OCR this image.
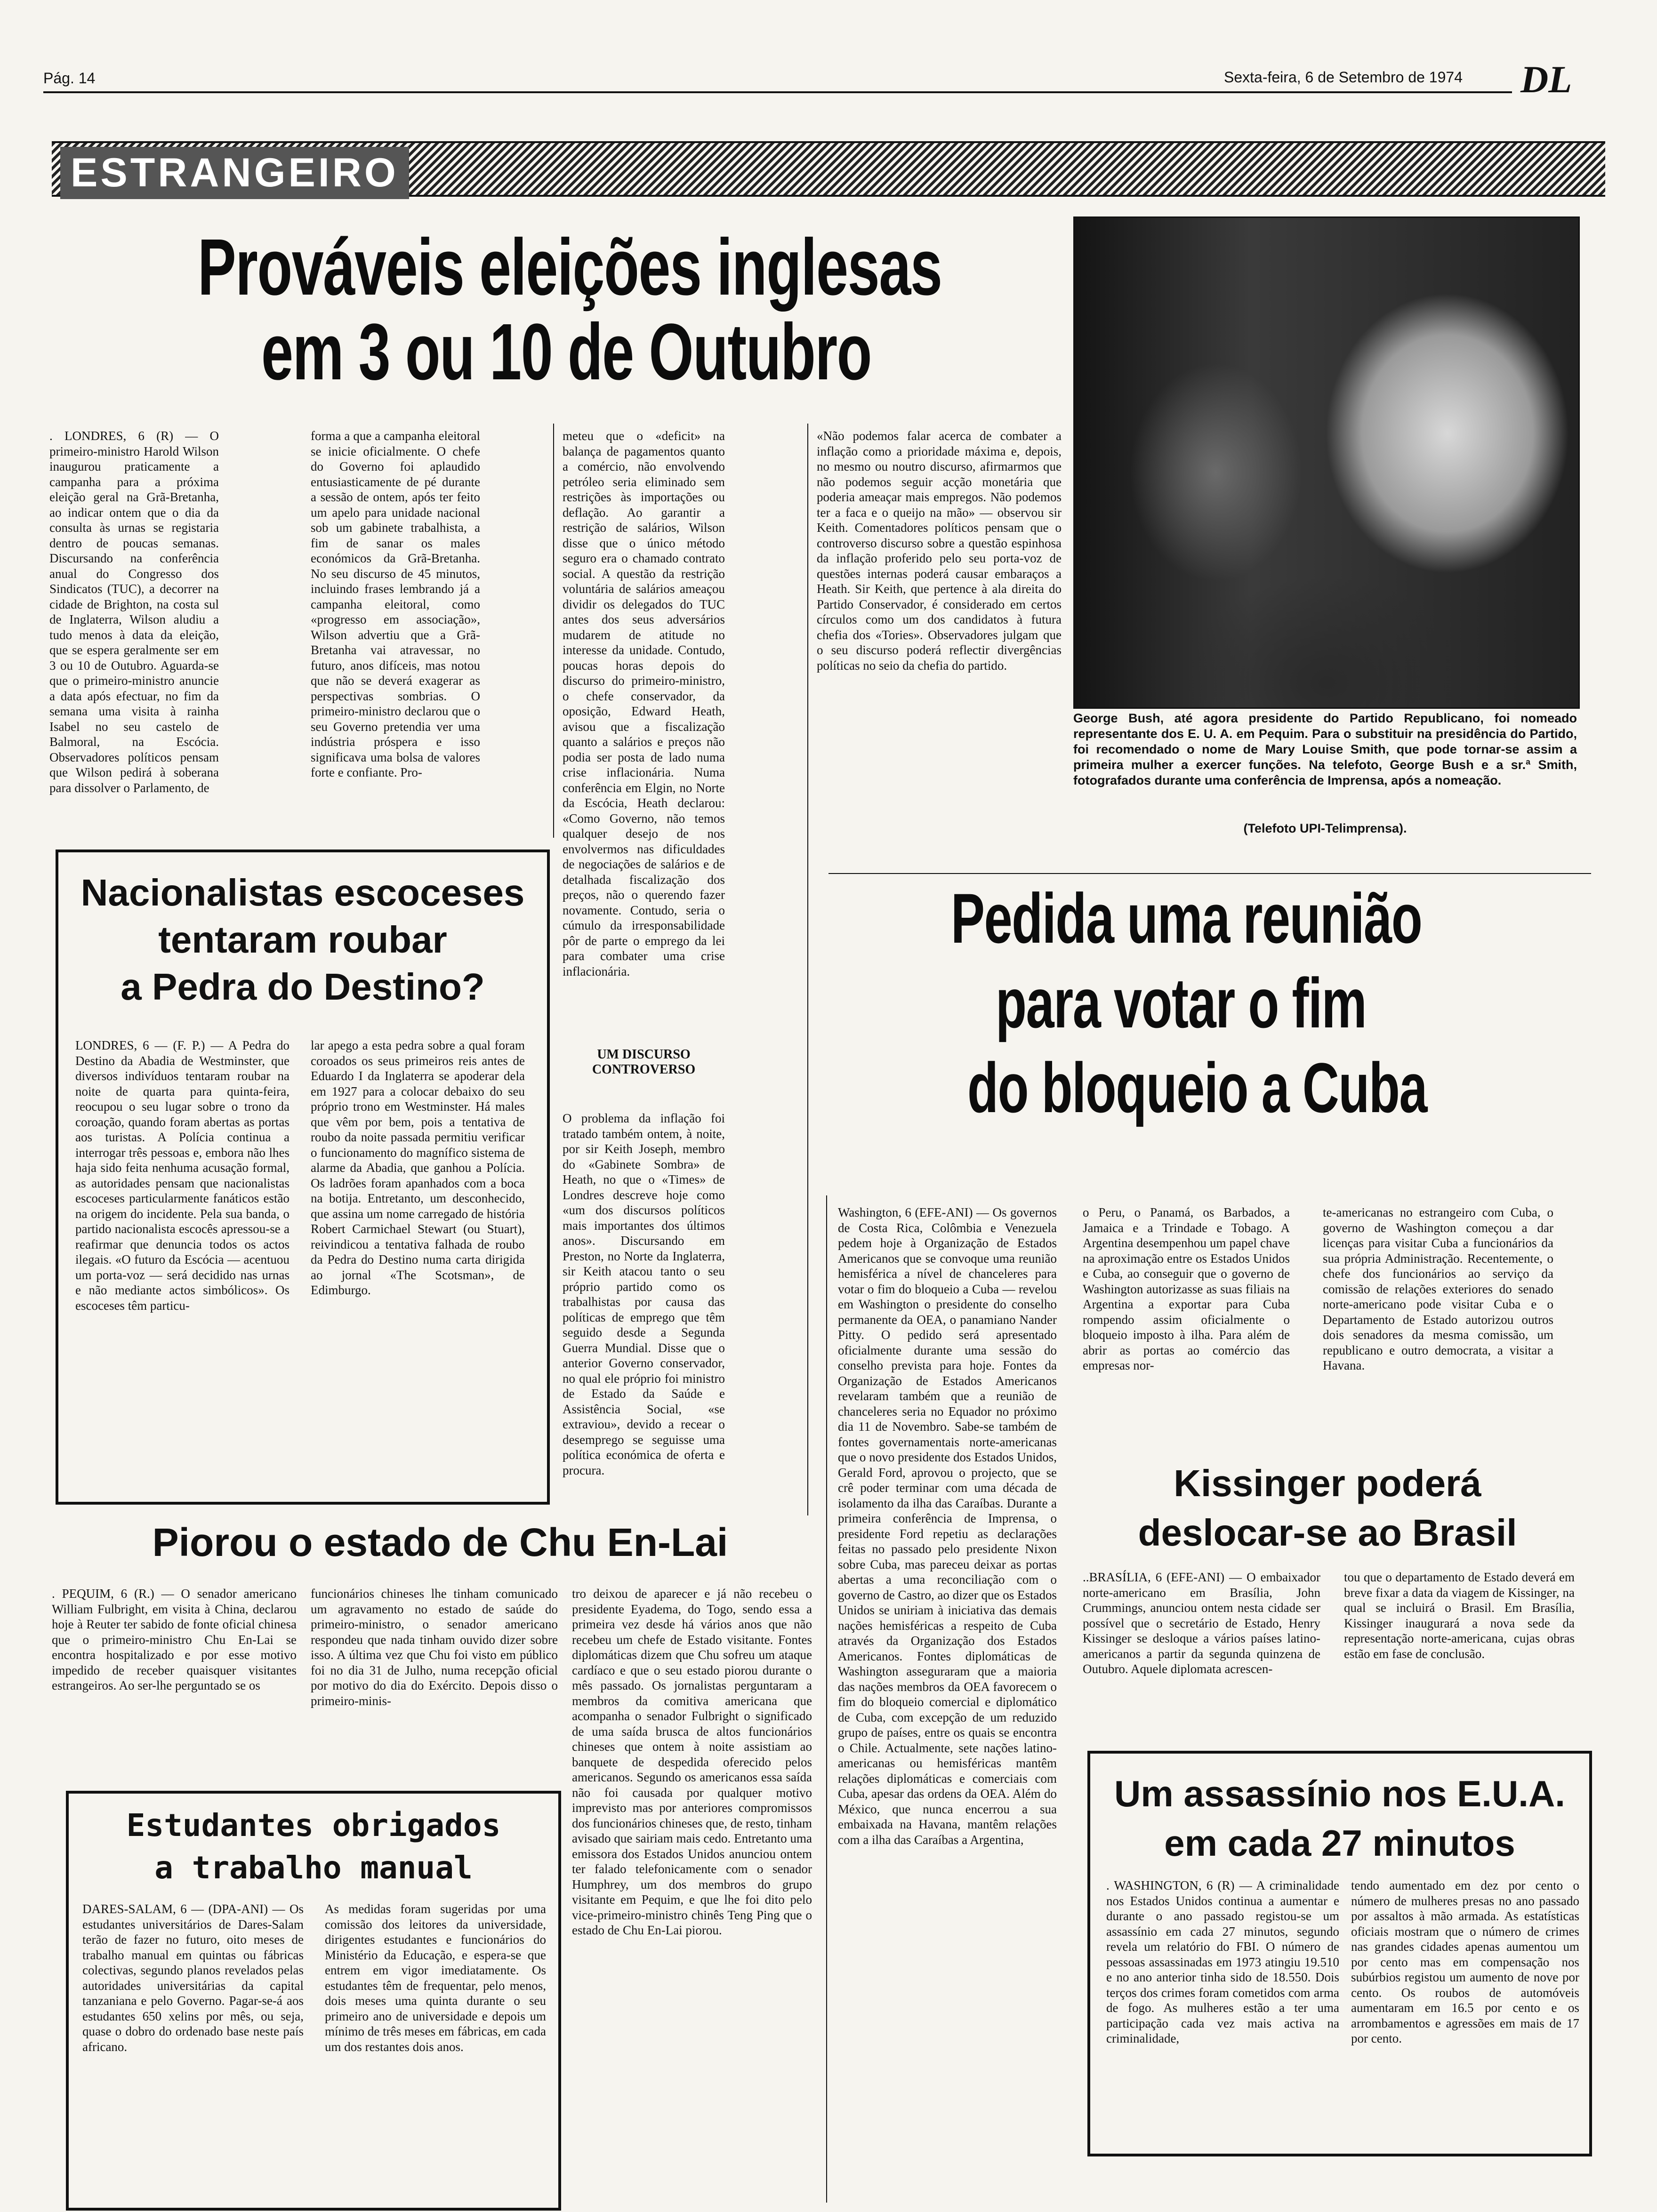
Pág. 14	Sexta-feira, 6 de Setembro de 1974 DL
ESTRANGEIRO
Prováveis eleições inglesas
em 3 ou 10 de Outubro
. LONDRES, 6 (R) — O primeiro-ministro Harold Wilson inaugurou praticamente a campanha para a próxima eleição geral na Grã-Bretanha, ao indicar ontem que o dia da consulta às urnas se registaria dentro de poucas semanas. Discursando na conferência anual do Congresso dos Sindicatos (TUC), a decorrer na cidade de Brighton, na costa sul de Inglaterra, Wilson aludiu a tudo menos à data da eleição, que se espera geralmente ser em 3 ou 10 de Outubro. Aguarda-se que o primeiro-ministro anuncie a data após efectuar, no fim da semana uma visita à rainha Isabel no seu castelo de Balmoral, na Escócia. Observadores políticos pensam que Wilson pedirá à soberana para dissolver o Parlamento, de
forma a que a campanha eleitoral se inicie oficialmente. O chefe do Governo foi aplaudido entusiasticamente de pé durante a sessão de ontem, após ter feito um apelo para unidade nacional sob um gabinete trabalhista, a fim de sanar os males económicos da Grã-Bretanha. No seu discurso de 45 minutos, incluindo frases lembrando já a campanha eleitoral, como «progresso em associação», Wilson advertiu que a Grã-Bretanha vai atravessar, no futuro, anos difíceis, mas notou que não se deverá exagerar as perspectivas sombrias. O primeiro-ministro declarou que o seu Governo pretendia ver uma indústria próspera e isso significava uma bolsa de valores forte e confiante. Pro-
meteu que o «deficit» na balança de pagamentos quanto a comércio, não envolvendo petróleo seria eliminado sem restrições às importações ou deflação. Ao garantir a restrição de salários, Wilson disse que o único método seguro era o chamado contrato social. A questão da restrição voluntária de salários ameaçou dividir os delegados do TUC antes dos seus adversários mudarem de atitude no interesse da unidade. Contudo, poucas horas depois do discurso do primeiro-ministro, o chefe conservador, da oposição, Edward Heath, avisou que a fiscalização quanto a salários e preços não podia ser posta de lado numa crise inflacionária. Numa conferência em Elgin, no Norte da Escócia, Heath declarou: «Como Governo, não temos qualquer desejo de nos envolvermos nas dificuldades de negociações de salários e de detalhada fiscalização dos preços, não o querendo fazer novamente. Contudo, seria o cúmulo da irresponsabilidade pôr de parte o emprego da lei para combater uma crise inflacionária.
UM DISCURSO CONTROVERSO
O problema da inflação foi tratado também ontem, à noite, por sir Keith Joseph, membro do «Gabinete Sombra» de Heath, no que o «Times» de Londres descreve hoje como «um dos discursos políticos mais importantes dos últimos anos». Discursando em Preston, no Norte da Inglaterra, sir Keith atacou tanto o seu próprio partido como os trabalhistas por causa das políticas de emprego que têm seguido desde a Segunda Guerra Mundial. Disse que o anterior Governo conservador, no qual ele próprio foi ministro de Estado da Saúde e Assistência Social, «se extraviou», devido a recear o desemprego se seguisse uma política económica de oferta e procura.
«Não podemos falar acerca de combater a inflação como a prioridade máxima e, depois, no mesmo ou noutro discurso, afirmarmos que não podemos seguir acção monetária que poderia ameaçar mais empregos. Não podemos ter a faca e o queijo na mão» — observou sir Keith. Comentadores políticos pensam que o controverso discurso sobre a questão espinhosa da inflação proferido pelo seu porta-voz de questões internas poderá causar embaraços a Heath. Sir Keith, que pertence à ala direita do Partido Conservador, é considerado em certos círculos como um dos candidatos à futura chefia dos «Tories». Observadores julgam que o seu discurso poderá reflectir divergências políticas no seio da chefia do partido.
George Bush, até agora presidente do Partido Republicano, foi nomeado representante dos E. U. A. em Pequim. Para o substituir na presidência do Partido, foi recomendado o nome de Mary Louise Smith, que pode tornar-se assim a primeira mulher a exercer funções. Na telefoto, George Bush e a sr.ª Smith, fotografados durante uma conferência de Imprensa, após a nomeação.
(Telefoto UPI-Telimprensa).
Nacionalistas escoceses
tentaram roubar
a Pedra do Destino?
LONDRES, 6 — (F. P.) — A Pedra do Destino da Abadia de Westminster, que diversos indivíduos tentaram roubar na noite de quarta para quinta-feira, reocupou o seu lugar sobre o trono da coroação, quando foram abertas as portas aos turistas. A Polícia continua a interrogar três pessoas e, embora não lhes haja sido feita nenhuma acusação formal, as autoridades pensam que nacionalistas escoceses particularmente fanáticos estão na origem do incidente. Pela sua banda, o partido nacionalista escocês apressou-se a reafirmar que denuncia todos os actos ilegais. «O futuro da Escócia — acentuou um porta-voz — será decidido nas urnas e não mediante actos simbólicos». Os escoceses têm particu-
lar apego a esta pedra sobre a qual foram coroados os seus primeiros reis antes de Eduardo I da Inglaterra se apoderar dela em 1927 para a colocar debaixo do seu próprio trono em Westminster. Há males que vêm por bem, pois a tentativa de roubo da noite passada permitiu verificar o funcionamento do magnífico sistema de alarme da Abadia, que ganhou a Polícia. Os ladrões foram apanhados com a boca na botija. Entretanto, um desconhecido, que assina um nome carregado de história Robert Carmichael Stewart (ou Stuart), reivindicou a tentativa falhada de roubo da Pedra do Destino numa carta dirigida ao jornal «The Scotsman», de Edimburgo.
Pedida uma reunião
para votar o fim
do bloqueio a Cuba
Washington, 6 (EFE-ANI) — Os governos de Costa Rica, Colômbia e Venezuela pedem hoje à Organização de Estados Americanos que se convoque uma reunião hemisférica a nível de chanceleres para votar o fim do bloqueio a Cuba — revelou em Washington o presidente do conselho permanente da OEA, o panamiano Nander Pitty. O pedido será apresentado oficialmente durante uma sessão do conselho prevista para hoje. Fontes da Organização de Estados Americanos revelaram também que a reunião de chanceleres seria no Equador no próximo dia 11 de Novembro. Sabe-se também de fontes governamentais norte-americanas que o novo presidente dos Estados Unidos, Gerald Ford, aprovou o projecto, que se crê poder terminar com uma década de isolamento da ilha das Caraíbas. Durante a primeira conferência de Imprensa, o presidente Ford repetiu as declarações feitas no passado pelo presidente Nixon sobre Cuba, mas pareceu deixar as portas abertas a uma reconciliação com o governo de Castro, ao dizer que os Estados Unidos se uniriam à iniciativa das demais nações hemisféricas a respeito de Cuba através da Organização dos Estados Americanos. Fontes diplomáticas de Washington asseguraram que a maioria das nações membros da OEA favorecem o fim do bloqueio comercial e diplomático de Cuba, com excepção de um reduzido grupo de países, entre os quais se encontra o Chile. Actualmente, sete nações latino-americanas ou hemisféricas mantêm relações diplomáticas e comerciais com Cuba, apesar das ordens da OEA. Além do México, que nunca encerrou a sua embaixada na Havana, mantêm relações com a ilha das Caraíbas a Argentina,
o Peru, o Panamá, os Barbados, a Jamaica e a Trindade e Tobago. A Argentina desempenhou um papel chave na aproximação entre os Estados Unidos e Cuba, ao conseguir que o governo de Washington autorizasse as suas filiais na Argentina a exportar para Cuba rompendo assim oficialmente o bloqueio imposto à ilha. Para além de abrir as portas ao comércio das empresas nor-
te-americanas no estrangeiro com Cuba, o governo de Washington começou a dar licenças para visitar Cuba a funcionários da sua própria Administração. Recentemente, o chefe dos funcionários ao serviço da comissão de relações exteriores do senado norte-americano pode visitar Cuba e o Departamento de Estado autorizou outros dois senadores da mesma comissão, um republicano e outro democrata, a visitar a Havana.
Kissinger poderá
deslocar-se ao Brasil
..BRASÍLIA, 6 (EFE-ANI) — O embaixador norte-americano em Brasília, John Crummings, anunciou ontem nesta cidade ser possível que o secretário de Estado, Henry Kissinger se desloque a vários países latino-americanos a partir da segunda quinzena de Outubro. Aquele diplomata acrescen-
tou que o departamento de Estado deverá em breve fixar a data da viagem de Kissinger, na qual se incluirá o Brasil. Em Brasília, Kissinger inaugurará a nova sede da representação norte-americana, cujas obras estão em fase de conclusão.
Um assassínio nos E.U.A.
em cada 27 minutos
. WASHINGTON, 6 (R) — A criminalidade nos Estados Unidos continua a aumentar e durante o ano passado registou-se um assassínio em cada 27 minutos, segundo revela um relatório do FBI. O número de pessoas assassinadas em 1973 atingiu 19.510 e no ano anterior tinha sido de 18.550. Dois terços dos crimes foram cometidos com arma de fogo. As mulheres estão a ter uma participação cada vez mais activa na criminalidade,
tendo aumentado em dez por cento o número de mulheres presas no ano passado por assaltos à mão armada. As estatísticas oficiais mostram que o número de crimes nas grandes cidades apenas aumentou um por cento mas em compensação nos subúrbios registou um aumento de nove por cento. Os roubos de automóveis aumentaram em 16.5 por cento e os arrombamentos e agressões em mais de 17 por cento.
Piorou o estado de Chu En-Lai
. PEQUIM, 6 (R.) — O senador americano William Fulbright, em visita à China, declarou hoje à Reuter ter sabido de fonte oficial chinesa que o primeiro-ministro Chu En-Lai se encontra hospitalizado e por esse motivo impedido de receber quaisquer visitantes estrangeiros. Ao ser-lhe perguntado se os
funcionários chineses lhe tinham comunicado um agravamento no estado de saúde do primeiro-ministro, o senador americano respondeu que nada tinham ouvido dizer sobre isso. A última vez que Chu foi visto em público foi no dia 31 de Julho, numa recepção oficial por motivo do dia do Exército. Depois disso o primeiro-minis-
tro deixou de aparecer e já não recebeu o presidente Eyadema, do Togo, sendo essa a primeira vez desde há vários anos que não recebeu um chefe de Estado visitante. Fontes diplomáticas dizem que Chu sofreu um ataque cardíaco e que o seu estado piorou durante o mês passado. Os jornalistas perguntaram a membros da comitiva americana que acompanha o senador Fulbright o significado de uma saída brusca de altos funcionários chineses que ontem à noite assistiam ao banquete de despedida oferecido pelos americanos. Segundo os americanos essa saída não foi causada por qualquer motivo imprevisto mas por anteriores compromissos dos funcionários chineses que, de resto, tinham avisado que sairiam mais cedo. Entretanto uma emissora dos Estados Unidos anunciou ontem ter falado telefonicamente com o senador Humphrey, um dos membros do grupo visitante em Pequim, e que lhe foi dito pelo vice-primeiro-ministro chinês Teng Ping que o estado de Chu En-Lai piorou.
Estudantes obrigados
a trabalho manual
DARES-SALAM, 6 — (DPA-ANI) — Os estudantes universitários de Dares-Salam terão de fazer no futuro, oito meses de trabalho manual em quintas ou fábricas colectivas, segundo planos revelados pelas autoridades universitárias da capital tanzaniana e pelo Governo. Pagar-se-á aos estudantes 650 xelins por mês, ou seja, quase o dobro do ordenado base neste país africano.
As medidas foram sugeridas por uma comissão dos leitores da universidade, dirigentes estudantes e funcionários do Ministério da Educação, e espera-se que entrem em vigor imediatamente. Os estudantes têm de frequentar, pelo menos, dois meses uma quinta durante o seu primeiro ano de universidade e depois um mínimo de três meses em fábricas, em cada um dos restantes dois anos.
